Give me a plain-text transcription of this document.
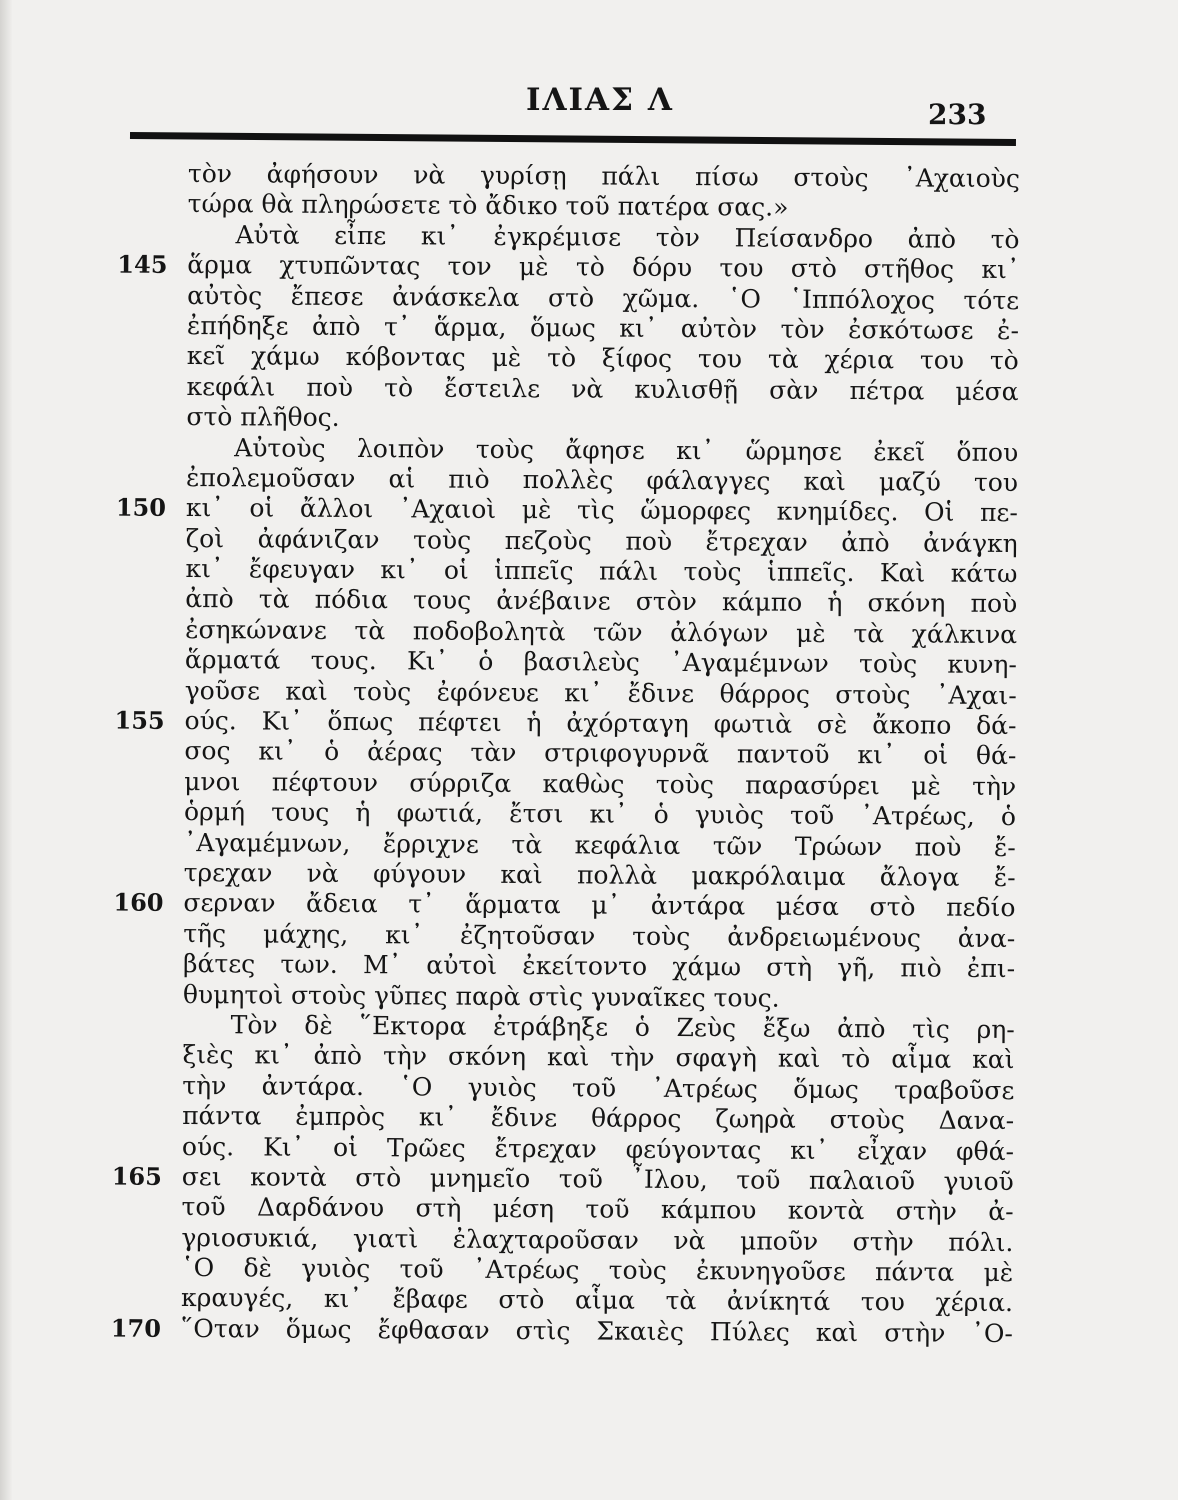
ΙΛΙΑΣ Λ	233
τὸν ἀφήσουν νὰ γυρίσῃ πάλι πίσω στοὺς ᾿Αχαιοὺς
τώρα θὰ πληρώσετε τὸ ἄδικο τοῦ πατέρα σας.»
Αὐτὰ εἶπε κι᾿ ἐγκρέμισε τὸν Πείσανδρο ἀπὸ τὸ
145 ἅρμα χτυπῶντας τον μὲ τὸ δόρυ του στὸ στῆθος κι᾿
αὐτὸς ἔπεσε ἀνάσκελα στὸ χῶμα. ῾Ο ῾Ιππόλοχος τότε
ἐπήδηξε ἀπὸ τ᾿ ἅρμα, ὅμως κι᾿ αὐτὸν τὸν ἐσκότωσε ἐ-
κεῖ χάμω κόβοντας μὲ τὸ ξίφος του τὰ χέρια του τὸ
κεφάλι ποὺ τὸ ἔστειλε νὰ κυλισθῇ σὰν πέτρα μέσα
στὸ πλῆθος.
Αὐτοὺς λοιπὸν τοὺς ἄφησε κι᾿ ὥρμησε ἐκεῖ ὅπου
ἐπολεμοῦσαν αἱ πιὸ πολλὲς φάλαγγες καὶ μαζύ του
150 κι᾿ οἱ ἄλλοι ᾿Αχαιοὶ μὲ τὶς ὥμορφες κνημίδες. Οἱ πε-
ζοὶ ἀφάνιζαν τοὺς πεζοὺς ποὺ ἔτρεχαν ἀπὸ ἀνάγκη
κι᾿ ἔφευγαν κι᾿ οἱ ἱππεῖς πάλι τοὺς ἱππεῖς. Καὶ κάτω
ἀπὸ τὰ πόδια τους ἀνέβαινε στὸν κάμπο ἡ σκόνη ποὺ
ἐσηκώνανε τὰ ποδοβολητὰ τῶν ἀλόγων μὲ τὰ χάλκινα
ἅρματά τους. Κι᾿ ὁ βασιλεὺς ᾿Αγαμέμνων τοὺς κυνη-
γοῦσε καὶ τοὺς ἐφόνευε κι᾿ ἔδινε θάρρος στοὺς ᾿Αχαι-
155 ούς. Κι᾿ ὅπως πέφτει ἡ ἀχόρταγη φωτιὰ σὲ ἄκοπο δά-
σος κι᾿ ὁ ἀέρας τὰν στριφογυρνᾶ παντοῦ κι᾿ οἱ θά-
μνοι πέφτουν σύρριζα καθὼς τοὺς παρασύρει μὲ τὴν
ὁρμή τους ἡ φωτιά, ἔτσι κι᾿ ὁ γυιὸς τοῦ ᾿Ατρέως, ὁ
᾿Αγαμέμνων, ἔρριχνε τὰ κεφάλια τῶν Τρώων ποὺ ἔ-
τρεχαν νὰ φύγουν καὶ πολλὰ μακρόλαιμα ἄλογα ἔ-
160 σερναν ἄδεια τ᾿ ἅρματα μ᾿ ἀντάρα μέσα στὸ πεδίο
τῆς μάχης, κι᾿ ἐζητοῦσαν τοὺς ἀνδρειωμένους ἀνα-
βάτες των. Μ᾿ αὐτοὶ ἐκείτοντο χάμω στὴ γῆ, πιὸ ἐπι-
θυμητοὶ στοὺς γῦπες παρὰ στὶς γυναῖκες τους.
Τὸν δὲ ῞Εκτορα ἐτράβηξε ὁ Ζεὺς ἔξω ἀπὸ τὶς ρη-
ξιὲς κι᾿ ἀπὸ τὴν σκόνη καὶ τὴν σφαγὴ καὶ τὸ αἷμα καὶ
τὴν ἀντάρα. ῾Ο γυιὸς τοῦ ᾿Ατρέως ὅμως τραβοῦσε
πάντα ἐμπρὸς κι᾿ ἔδινε θάρρος ζωηρὰ στοὺς Δανα-
ούς. Κι᾿ οἱ Τρῶες ἔτρεχαν φεύγοντας κι᾿ εἶχαν φθά-
165 σει κοντὰ στὸ μνημεῖο τοῦ ῏Ιλου, τοῦ παλαιοῦ γυιοῦ
τοῦ Δαρδάνου στὴ μέση τοῦ κάμπου κοντὰ στὴν ἀ-
γριοσυκιά, γιατὶ ἐλαχταροῦσαν νὰ μποῦν στὴν πόλι.
῾Ο δὲ γυιὸς τοῦ ᾿Ατρέως τοὺς ἐκυνηγοῦσε πάντα μὲ
κραυγές, κι᾿ ἔβαφε στὸ αἷμα τὰ ἀνίκητά του χέρια.
170 ῞Οταν ὅμως ἔφθασαν στὶς Σκαιὲς Πύλες καὶ στὴν ᾿Ο-
